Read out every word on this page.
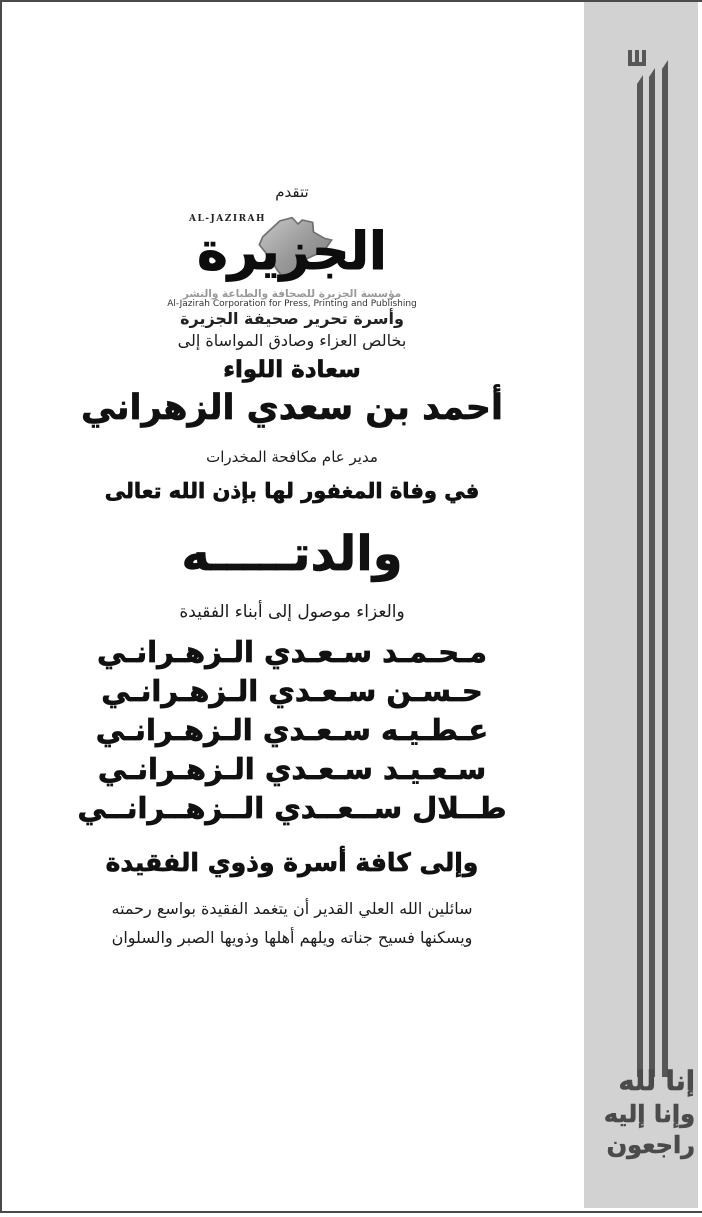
تتقدم
AL-JAZIRAH
الجزيرة
مؤسسة الجزيرة للصحافة والطباعة والنشر
Al-Jazirah Corporation for Press, Printing and Publishing
وأسرة تحرير صحيفة الجزيرة
بخالص العزاء وصادق المواساة إلى
سعادة اللواء
أحمد بن سعدي الزهراني
مدير عام مكافحة المخدرات
في وفاة المغفور لها بإذن الله تعالى
والدتـــــه
والعزاء موصول إلى أبناء الفقيدة
مـحـمـد سـعـدي الـزهـرانـي
حـسـن سـعـدي الـزهـرانـي
عـطـيـه سـعـدي الـزهـرانـي
سـعـيـد سـعـدي الـزهـرانـي
طــلال ســعــدي الــزهــرانــي
وإلى كافة أسرة وذوي الفقيدة
سائلين الله العلي القدير أن يتغمد الفقيدة بواسع رحمته
ويسكنها فسيح جناته ويلهم أهلها وذويها الصبر والسلوان
إنا لله
وإنا إليه
راجعون
